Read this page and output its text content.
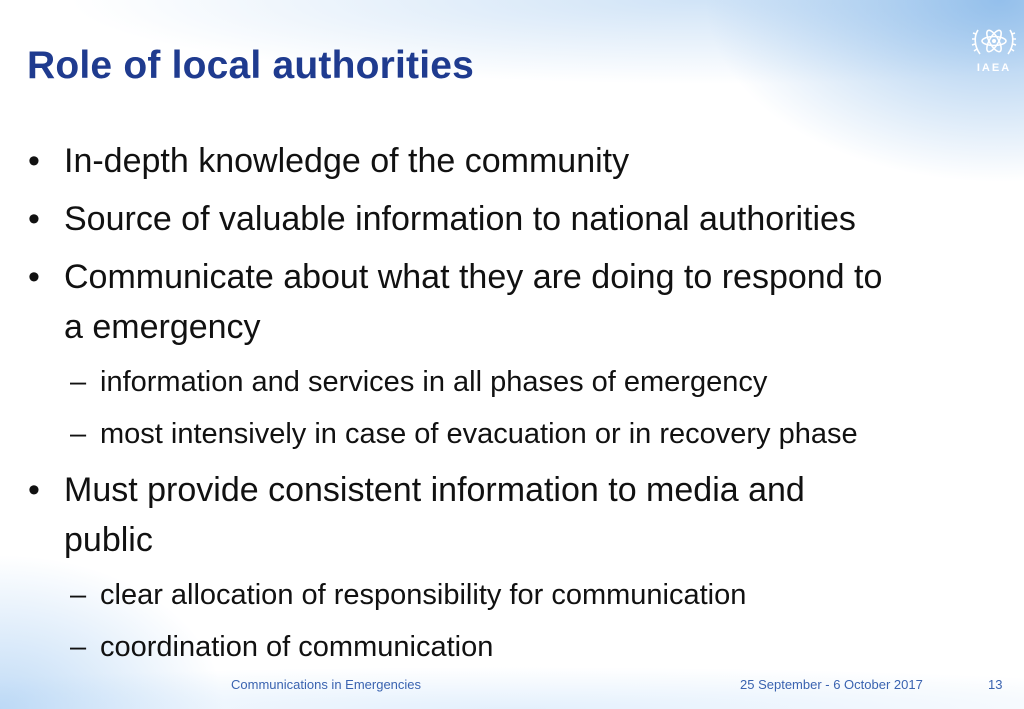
Role of local authorities	IAEA
• In-depth knowledge of the community
• Source of valuable information to national authorities
• Communicate about what they are doing to respond to
a emergency
– information and services in all phases of emergency
– most intensively in case of evacuation or in recovery phase
• Must provide consistent information to media and
public
– clear allocation of responsibility for communication
– coordination of communication
Communications in Emergencies	25 September - 6 October 2017	13
